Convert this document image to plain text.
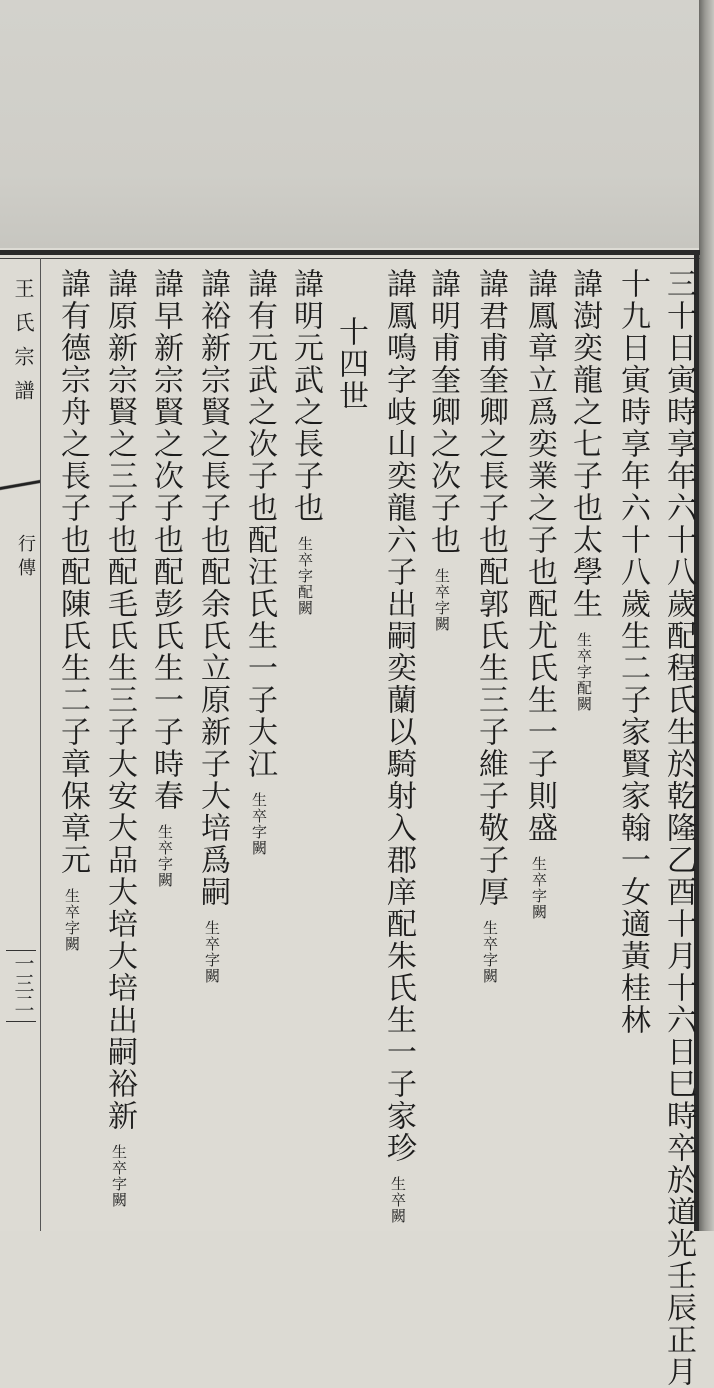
王氏宗譜
行傳
一三二	三十日寅時享年六十八歲配程氏生於乾隆乙酉十月十六日巳時卒於道光壬辰正月
十九日寅時享年六十八歲生二子家賢家翰一女適黃桂林
諱澍奕龍之七子也太學生生卒字配闕
諱鳳章立爲奕業之子也配尤氏生一子則盛生卒字闕
諱君甫奎卿之長子也配郭氏生三子維子敬子厚生卒字闕
諱明甫奎卿之次子也生卒字闕
諱鳳鳴字岐山奕龍六子出嗣奕蘭以騎射入郡庠配朱氏生一子家珍生卒闕
十四世
諱明元武之長子也生卒字配闕
諱有元武之次子也配汪氏生一子大江生卒字闕
諱裕新宗賢之長子也配余氏立原新子大培爲嗣生卒字闕
諱早新宗賢之次子也配彭氏生一子時春生卒字闕
諱原新宗賢之三子也配毛氏生三子大安大品大培大培出嗣裕新生卒字闕
諱有德宗舟之長子也配陳氏生二子章保章元生卒字闕
